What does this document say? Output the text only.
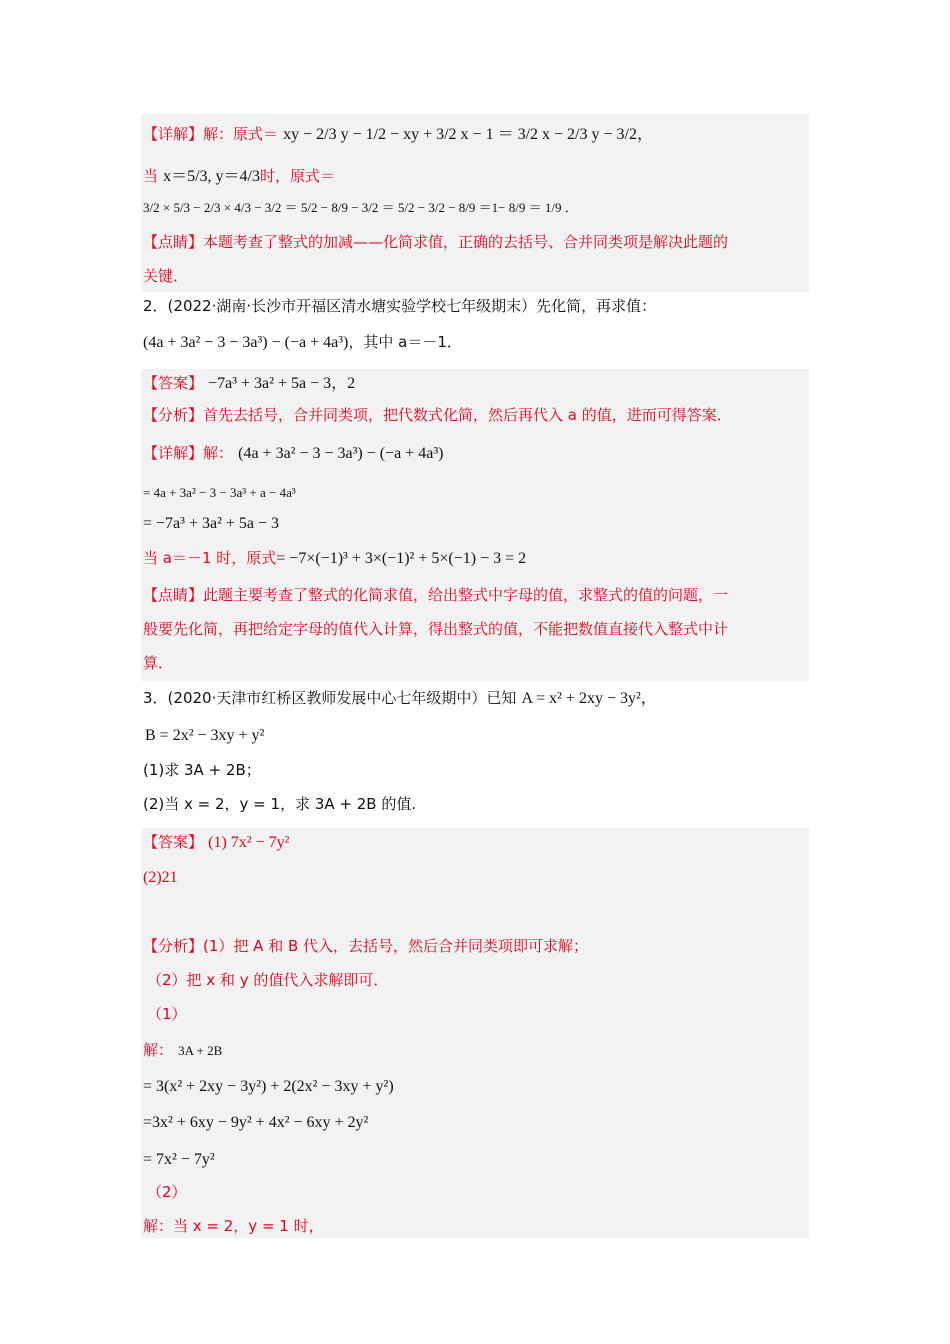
【详解】解：原式＝ xy − 2/3 y − 1/2 − xy + 3/2 x − 1 ＝ 3/2 x − 2/3 y − 3/2，
当 x＝5/3, y＝4/3时，原式＝
3/2 × 5/3 − 2/3 × 4/3 − 3/2 ＝ 5/2 − 8/9 − 3/2 ＝ 5/2 − 3/2 − 8/9 ＝1− 8/9 ＝ 1/9 ．
【点睛】本题考查了整式的加减——化简求值，正确的去括号、合并同类项是解决此题的
关键．
2．(2022·湖南·长沙市开福区清水塘实验学校七年级期末）先化简，再求值：
(4a + 3a² − 3 − 3a³) − (−a + 4a³)，其中 a＝－1．
【答案】 −7a³ + 3a² + 5a − 3，2
【分析】首先去括号，合并同类项，把代数式化简，然后再代入 a 的值，进而可得答案．
【详解】解： (4a + 3a² − 3 − 3a³) − (−a + 4a³)
= 4a + 3a² − 3 − 3a³ + a − 4a³
= −7a³ + 3a² + 5a − 3
当 a＝－1 时，原式= −7×(−1)³ + 3×(−1)² + 5×(−1) − 3 = 2
【点睛】此题主要考查了整式的化简求值，给出整式中字母的值，求整式的值的问题，一
般要先化简，再把给定字母的值代入计算，得出整式的值，不能把数值直接代入整式中计
算．
3．(2020·天津市红桥区教师发展中心七年级期中）已知 A = x² + 2xy − 3y²，
B = 2x² − 3xy + y²
(1)求 3A + 2B；
(2)当 x = 2，y = 1，求 3A + 2B 的值.
【答案】 (1) 7x² − 7y²
(2)21
【分析】(1）把 A 和 B 代入，去括号，然后合并同类项即可求解；
（2）把 x 和 y 的值代入求解即可．
（1）
解： 3A + 2B
= 3(x² + 2xy − 3y²) + 2(2x² − 3xy + y²)
=3x² + 6xy − 9y² + 4x² − 6xy + 2y²
= 7x² − 7y²
（2）
解：当 x = 2，y = 1 时，
